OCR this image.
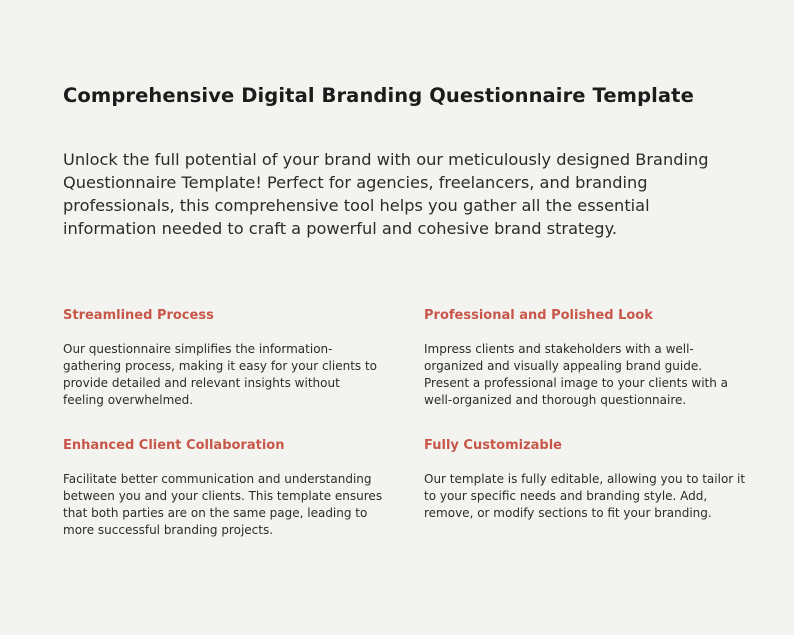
Comprehensive Digital Branding Questionnaire Template

Unlock the full potential of your brand with our meticulously designed Branding Questionnaire Template! Perfect for agencies, freelancers, and branding professionals, this comprehensive tool helps you gather all the essential information needed to craft a powerful and cohesive brand strategy.

Streamlined Process

Our questionnaire simplifies the information-gathering process, making it easy for your clients to provide detailed and relevant insights without feeling overwhelmed.

Professional and Polished Look

Impress clients and stakeholders with a well-organized and visually appealing brand guide. Present a professional image to your clients with a well-organized and thorough questionnaire.

Enhanced Client Collaboration

Facilitate better communication and understanding between you and your clients. This template ensures that both parties are on the same page, leading to more successful branding projects.

Fully Customizable

Our template is fully editable, allowing you to tailor it to your specific needs and branding style. Add, remove, or modify sections to fit your branding.
